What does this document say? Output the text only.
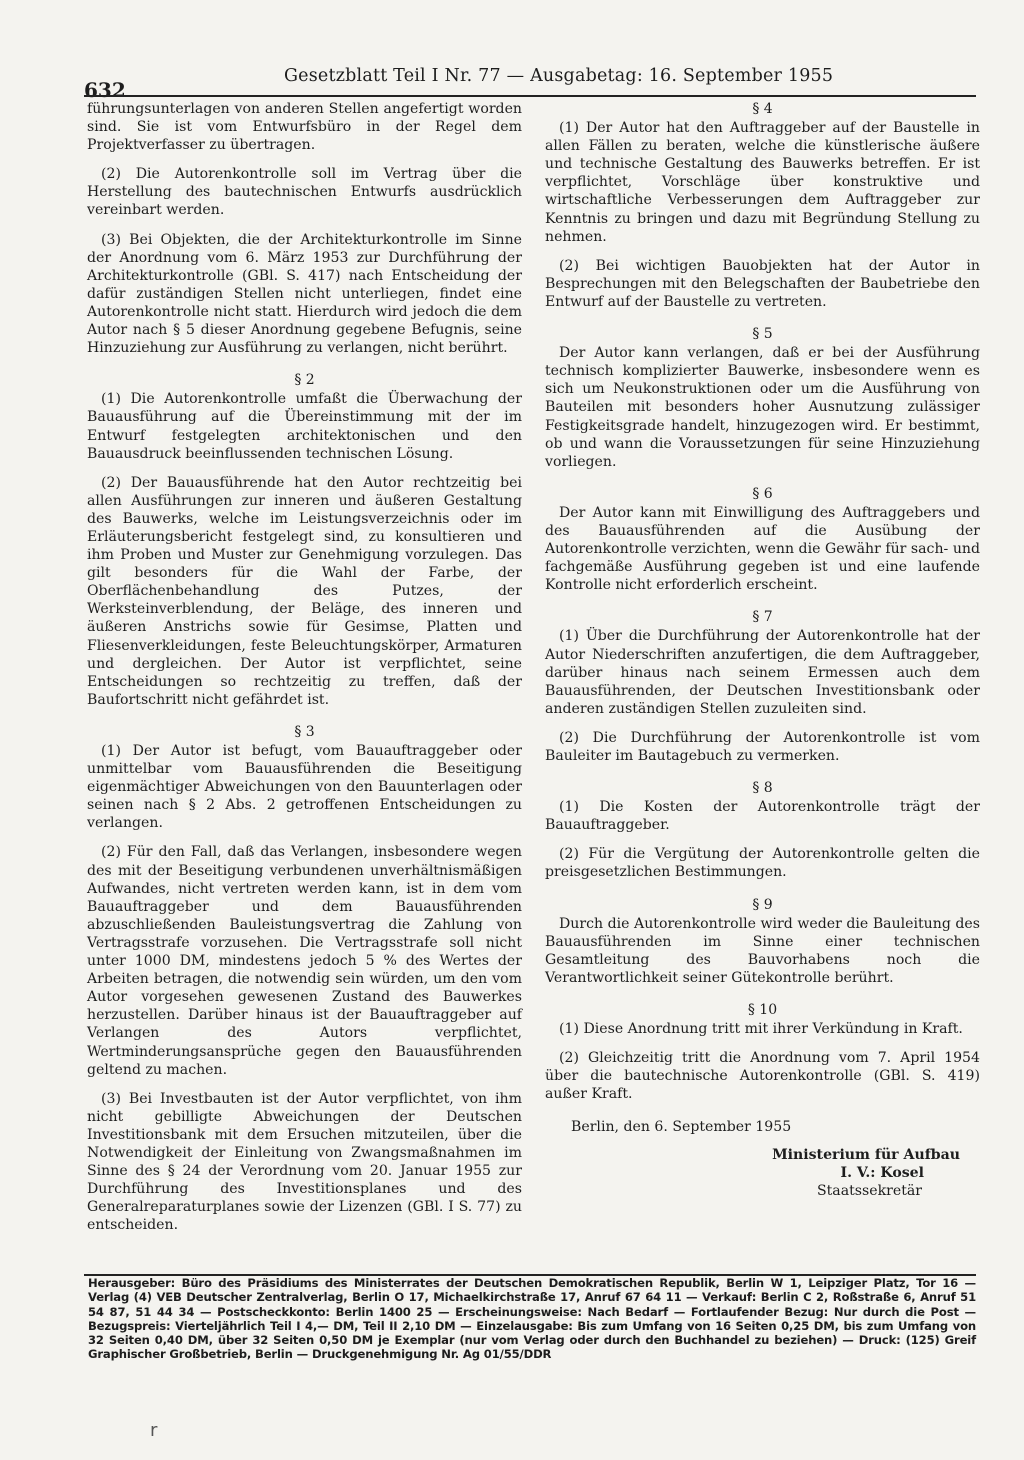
632
Gesetzblatt Teil I Nr. 77 — Ausgabetag: 16. September 1955

führungsunterlagen von anderen Stellen angefertigt worden sind. Sie ist vom Entwurfsbüro in der Regel dem Projektverfasser zu übertragen.

(2) Die Autorenkontrolle soll im Vertrag über die Herstellung des bautechnischen Entwurfs ausdrücklich vereinbart werden.

(3) Bei Objekten, die der Architekturkontrolle im Sinne der Anordnung vom 6. März 1953 zur Durchführung der Architekturkontrolle (GBl. S. 417) nach Entscheidung der dafür zuständigen Stellen nicht unterliegen, findet eine Autorenkontrolle nicht statt. Hierdurch wird jedoch die dem Autor nach § 5 dieser Anordnung gegebene Befugnis, seine Hinzuziehung zur Ausführung zu verlangen, nicht berührt.

§ 2

(1) Die Autorenkontrolle umfaßt die Überwachung der Bauausführung auf die Übereinstimmung mit der im Entwurf festgelegten architektonischen und den Bauausdruck beeinflussenden technischen Lösung.

(2) Der Bauausführende hat den Autor rechtzeitig bei allen Ausführungen zur inneren und äußeren Gestaltung des Bauwerks, welche im Leistungsverzeichnis oder im Erläuterungsbericht festgelegt sind, zu konsultieren und ihm Proben und Muster zur Genehmigung vorzulegen. Das gilt besonders für die Wahl der Farbe, der Oberflächenbehandlung des Putzes, der Werksteinverblendung, der Beläge, des inneren und äußeren Anstrichs sowie für Gesimse, Platten und Fliesenverkleidungen, feste Beleuchtungskörper, Armaturen und dergleichen. Der Autor ist verpflichtet, seine Entscheidungen so rechtzeitig zu treffen, daß der Baufortschritt nicht gefährdet ist.

§ 3

(1) Der Autor ist befugt, vom Bauauftraggeber oder unmittelbar vom Bauausführenden die Beseitigung eigenmächtiger Abweichungen von den Bauunterlagen oder seinen nach § 2 Abs. 2 getroffenen Entscheidungen zu verlangen.

(2) Für den Fall, daß das Verlangen, insbesondere wegen des mit der Beseitigung verbundenen unverhältnismäßigen Aufwandes, nicht vertreten werden kann, ist in dem vom Bauauftraggeber und dem Bauausführenden abzuschließenden Bauleistungsvertrag die Zahlung von Vertragsstrafe vorzusehen. Die Vertragsstrafe soll nicht unter 1000 DM, mindestens jedoch 5 % des Wertes der Arbeiten betragen, die notwendig sein würden, um den vom Autor vorgesehen gewesenen Zustand des Bauwerkes herzustellen. Darüber hinaus ist der Bauauftraggeber auf Verlangen des Autors verpflichtet, Wertminderungsansprüche gegen den Bauausführenden geltend zu machen.

(3) Bei Investbauten ist der Autor verpflichtet, von ihm nicht gebilligte Abweichungen der Deutschen Investitionsbank mit dem Ersuchen mitzuteilen, über die Notwendigkeit der Einleitung von Zwangsmaßnahmen im Sinne des § 24 der Verordnung vom 20. Januar 1955 zur Durchführung des Investitionsplanes und des Generalreparaturplanes sowie der Lizenzen (GBl. I S. 77) zu entscheiden.

§ 4

(1) Der Autor hat den Auftraggeber auf der Baustelle in allen Fällen zu beraten, welche die künstlerische äußere und technische Gestaltung des Bauwerks betreffen. Er ist verpflichtet, Vorschläge über konstruktive und wirtschaftliche Verbesserungen dem Auftraggeber zur Kenntnis zu bringen und dazu mit Begründung Stellung zu nehmen.

(2) Bei wichtigen Bauobjekten hat der Autor in Besprechungen mit den Belegschaften der Baubetriebe den Entwurf auf der Baustelle zu vertreten.

§ 5

Der Autor kann verlangen, daß er bei der Ausführung technisch komplizierter Bauwerke, insbesondere wenn es sich um Neukonstruktionen oder um die Ausführung von Bauteilen mit besonders hoher Ausnutzung zulässiger Festigkeitsgrade handelt, hinzugezogen wird. Er bestimmt, ob und wann die Voraussetzungen für seine Hinzuziehung vorliegen.

§ 6

Der Autor kann mit Einwilligung des Auftraggebers und des Bauausführenden auf die Ausübung der Autorenkontrolle verzichten, wenn die Gewähr für sach- und fachgemäße Ausführung gegeben ist und eine laufende Kontrolle nicht erforderlich erscheint.

§ 7

(1) Über die Durchführung der Autorenkontrolle hat der Autor Niederschriften anzufertigen, die dem Auftraggeber, darüber hinaus nach seinem Ermessen auch dem Bauausführenden, der Deutschen Investitionsbank oder anderen zuständigen Stellen zuzuleiten sind.

(2) Die Durchführung der Autorenkontrolle ist vom Bauleiter im Bautagebuch zu vermerken.

§ 8

(1) Die Kosten der Autorenkontrolle trägt der Bauauftraggeber.

(2) Für die Vergütung der Autorenkontrolle gelten die preisgesetzlichen Bestimmungen.

§ 9

Durch die Autorenkontrolle wird weder die Bauleitung des Bauausführenden im Sinne einer technischen Gesamtleitung des Bauvorhabens noch die Verantwortlichkeit seiner Gütekontrolle berührt.

§ 10

(1) Diese Anordnung tritt mit ihrer Verkündung in Kraft.

(2) Gleichzeitig tritt die Anordnung vom 7. April 1954 über die bautechnische Autorenkontrolle (GBl. S. 419) außer Kraft.

Berlin, den 6. September 1955
Ministerium für Aufbau
I. V.: Kosel
Staatssekretär
Herausgeber: Büro des Präsidiums des Ministerrates der Deutschen Demokratischen Republik, Berlin W 1, Leipziger Platz, Tor 16 — Verlag (4) VEB Deutscher Zentralverlag, Berlin O 17, Michaelkirchstraße 17, Anruf 67 64 11 — Verkauf: Berlin C 2, Roßstraße 6, Anruf 51 54 87, 51 44 34 — Postscheckkonto: Berlin 1400 25 — Erscheinungsweise: Nach Bedarf — Fortlaufender Bezug: Nur durch die Post — Bezugspreis: Vierteljährlich Teil I 4,— DM, Teil II 2,10 DM — Einzelausgabe: Bis zum Umfang von 16 Seiten 0,25 DM, bis zum Umfang von 32 Seiten 0,40 DM, über 32 Seiten 0,50 DM je Exemplar (nur vom Verlag oder durch den Buchhandel zu beziehen) — Druck: (125) Greif Graphischer Großbetrieb, Berlin — Druckgenehmigung Nr. Ag 01/55/DDR
r
